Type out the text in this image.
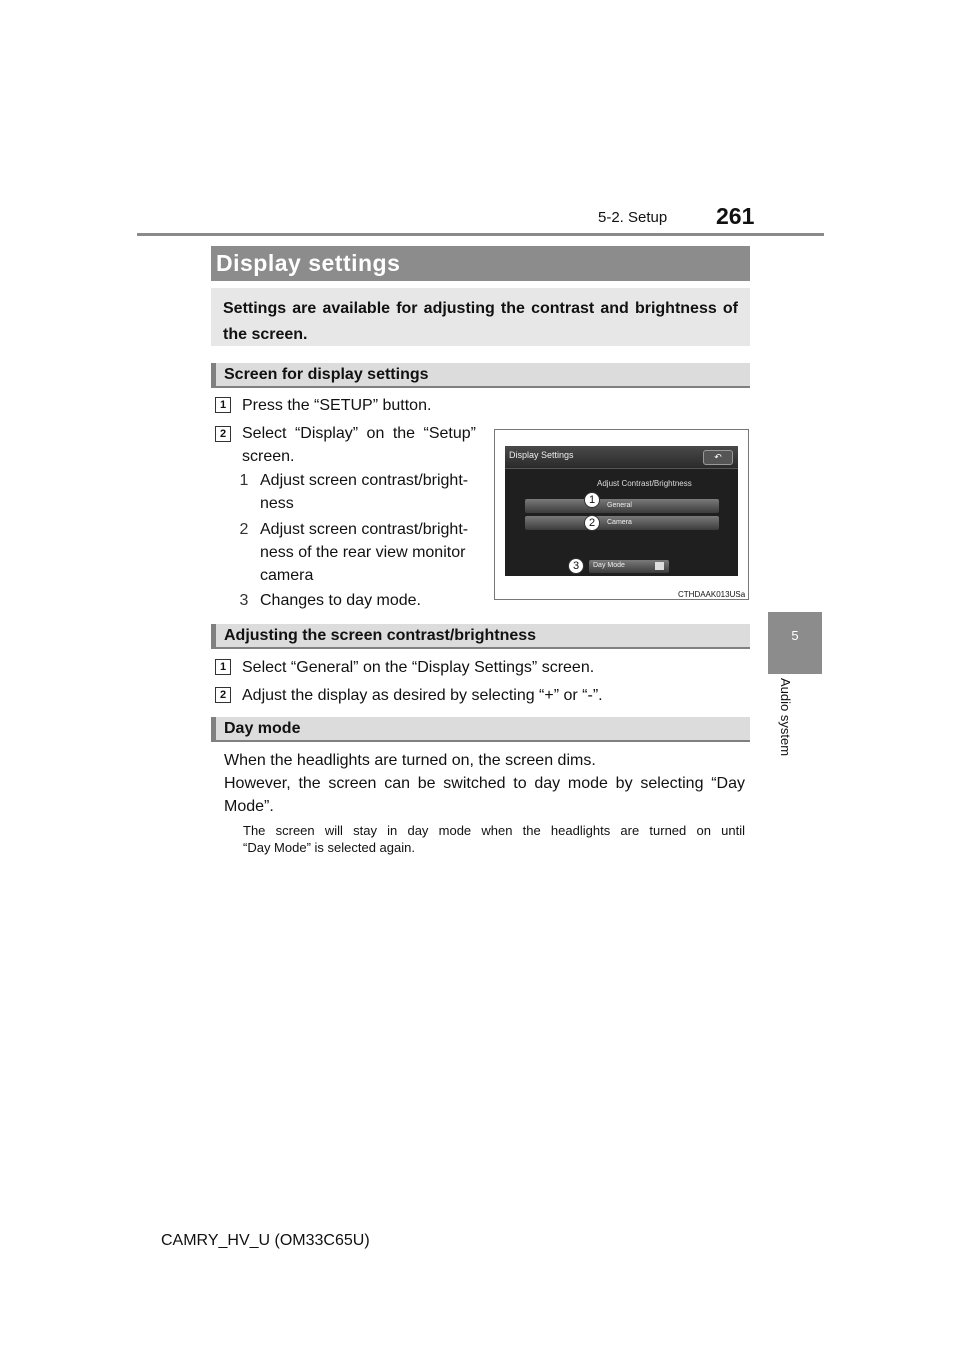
5-2. Setup 261
5
Audio system
Display settings
Settings are available for adjusting the contrast and brightness of the screen.
Screen for display settings
1 Press the “SETUP” button.
2 Select “Display” on the “Setup”
screen.
1 Adjust screen contrast/bright-
ness
2 Adjust screen contrast/bright-
ness of the rear view monitor
camera
3 Changes to day mode.
Display Settings	↶
Adjust Contrast/Brightness
General
Camera
Day Mode
1
2
3
CTHDAAK013USa
Adjusting the screen contrast/brightness
1 Select “General” on the “Display Settings” screen.
2 Adjust the display as desired by selecting “+” or “-”.
Day mode
When the headlights are turned on, the screen dims.
However, the screen can be switched to day mode by selecting “Day
Mode”.
The screen will stay in day mode when the headlights are turned on until
“Day Mode” is selected again.
CAMRY_HV_U (OM33C65U)
